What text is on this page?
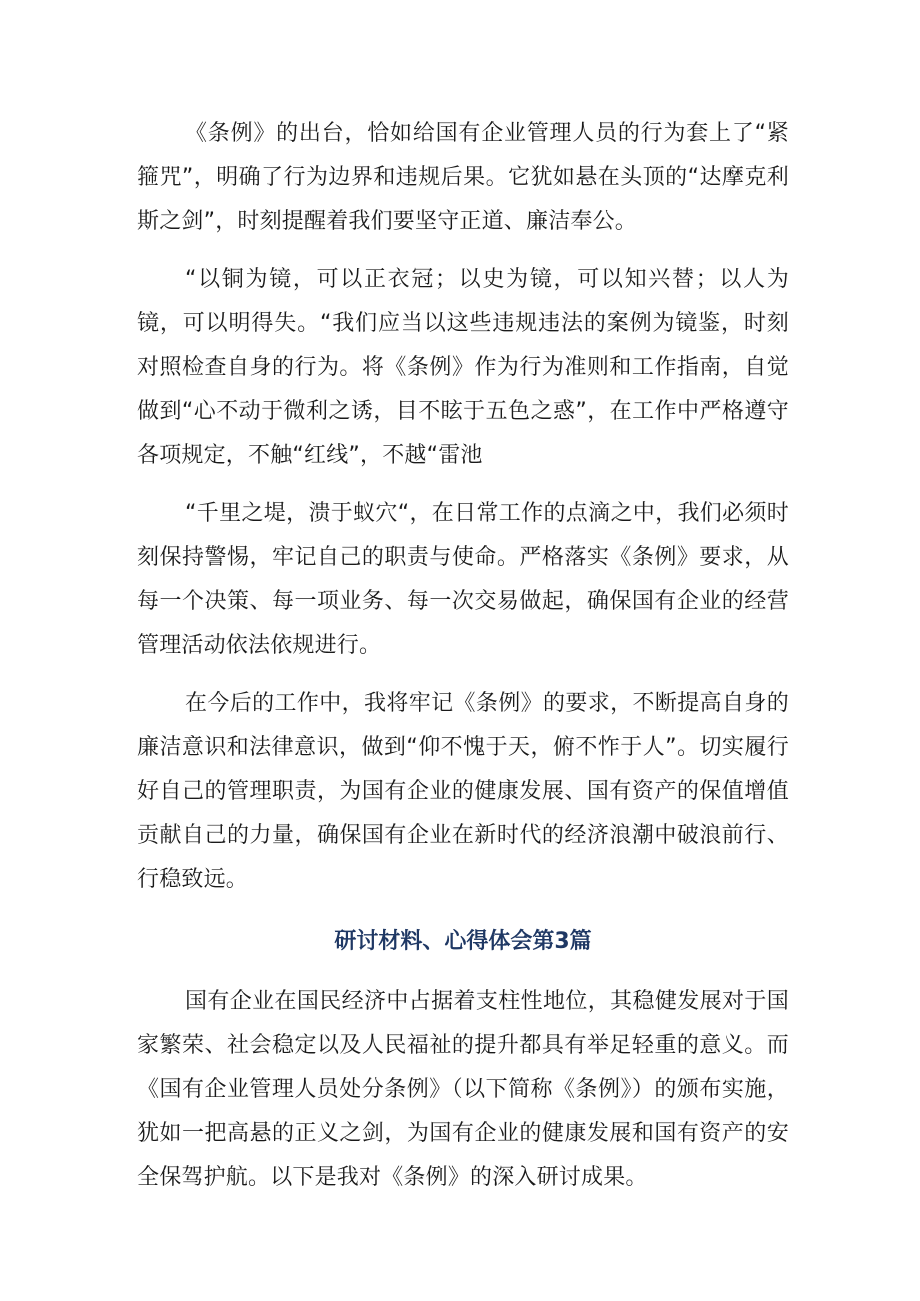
《条例》的出台，恰如给国有企业管理人员的行为套上了“紧箍咒”，明确了行为边界和违规后果。它犹如悬在头顶的“达摩克利斯之剑”，时刻提醒着我们要坚守正道、廉洁奉公。

“以铜为镜，可以正衣冠；以史为镜，可以知兴替；以人为镜，可以明得失。“我们应当以这些违规违法的案例为镜鉴，时刻对照检查自身的行为。将《条例》作为行为准则和工作指南，自觉做到“心不动于微利之诱，目不眩于五色之惑”，在工作中严格遵守各项规定，不触“红线”，不越“雷池

“千里之堤，溃于蚁穴“，在日常工作的点滴之中，我们必须时刻保持警惕，牢记自己的职责与使命。严格落实《条例》要求，从每一个决策、每一项业务、每一次交易做起，确保国有企业的经营管理活动依法依规进行。

在今后的工作中，我将牢记《条例》的要求，不断提高自身的廉洁意识和法律意识，做到“仰不愧于天，俯不怍于人”。切实履行好自己的管理职责，为国有企业的健康发展、国有资产的保值增值贡献自己的力量，确保国有企业在新时代的经济浪潮中破浪前行、行稳致远。

研讨材料、心得体会第3篇

国有企业在国民经济中占据着支柱性地位，其稳健发展对于国家繁荣、社会稳定以及人民福祉的提升都具有举足轻重的意义。而《国有企业管理人员处分条例》（以下简称《条例》）的颁布实施，犹如一把高悬的正义之剑，为国有企业的健康发展和国有资产的安全保驾护航。以下是我对《条例》的深入研讨成果。
